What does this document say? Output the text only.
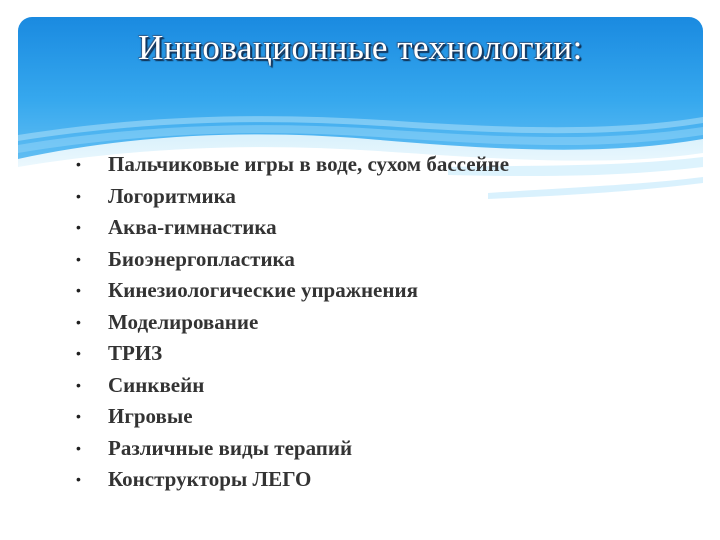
Инновационные технологии:
•	Пальчиковые игры в воде, сухом бассейне
•	Логоритмика
•	Аква-гимнастика
•	Биоэнергопластика
•	Кинезиологические упражнения
•	Моделирование
•	ТРИЗ
•	Синквейн
•	Игровые
•	Различные виды терапий
•	Конструкторы ЛЕГО
